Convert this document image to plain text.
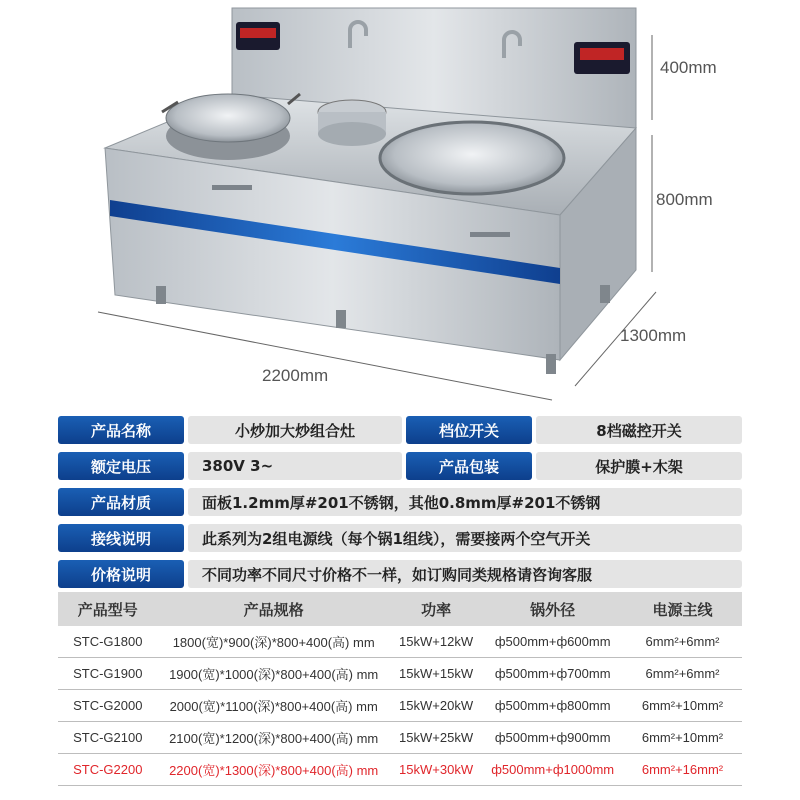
400mm
800mm
1300mm
2200mm
产品名称	小炒加大炒组合灶	档位开关	8档磁控开关
额定电压	380V 3~	产品包装	保护膜+木架
产品材质	面板1.2mm厚#201不锈钢，其他0.8mm厚#201不锈钢
接线说明	此系列为2组电源线（每个锅1组线），需要接两个空气开关
价格说明	不同功率不同尺寸价格不一样，如订购同类规格请咨询客服
产品型号	产品规格	功率	锅外径	电源主线
STC-G1800	1800(宽)*900(深)*800+400(高) mm	15kW+12kW	ф500mm+ф600mm	6mm²+6mm²
STC-G1900	1900(宽)*1000(深)*800+400(高) mm	15kW+15kW	ф500mm+ф700mm	6mm²+6mm²
STC-G2000	2000(宽)*1100(深)*800+400(高) mm	15kW+20kW	ф500mm+ф800mm	6mm²+10mm²
STC-G2100	2100(宽)*1200(深)*800+400(高) mm	15kW+25kW	ф500mm+ф900mm	6mm²+10mm²
STC-G2200	2200(宽)*1300(深)*800+400(高) mm	15kW+30kW	ф500mm+ф1000mm	6mm²+16mm²
